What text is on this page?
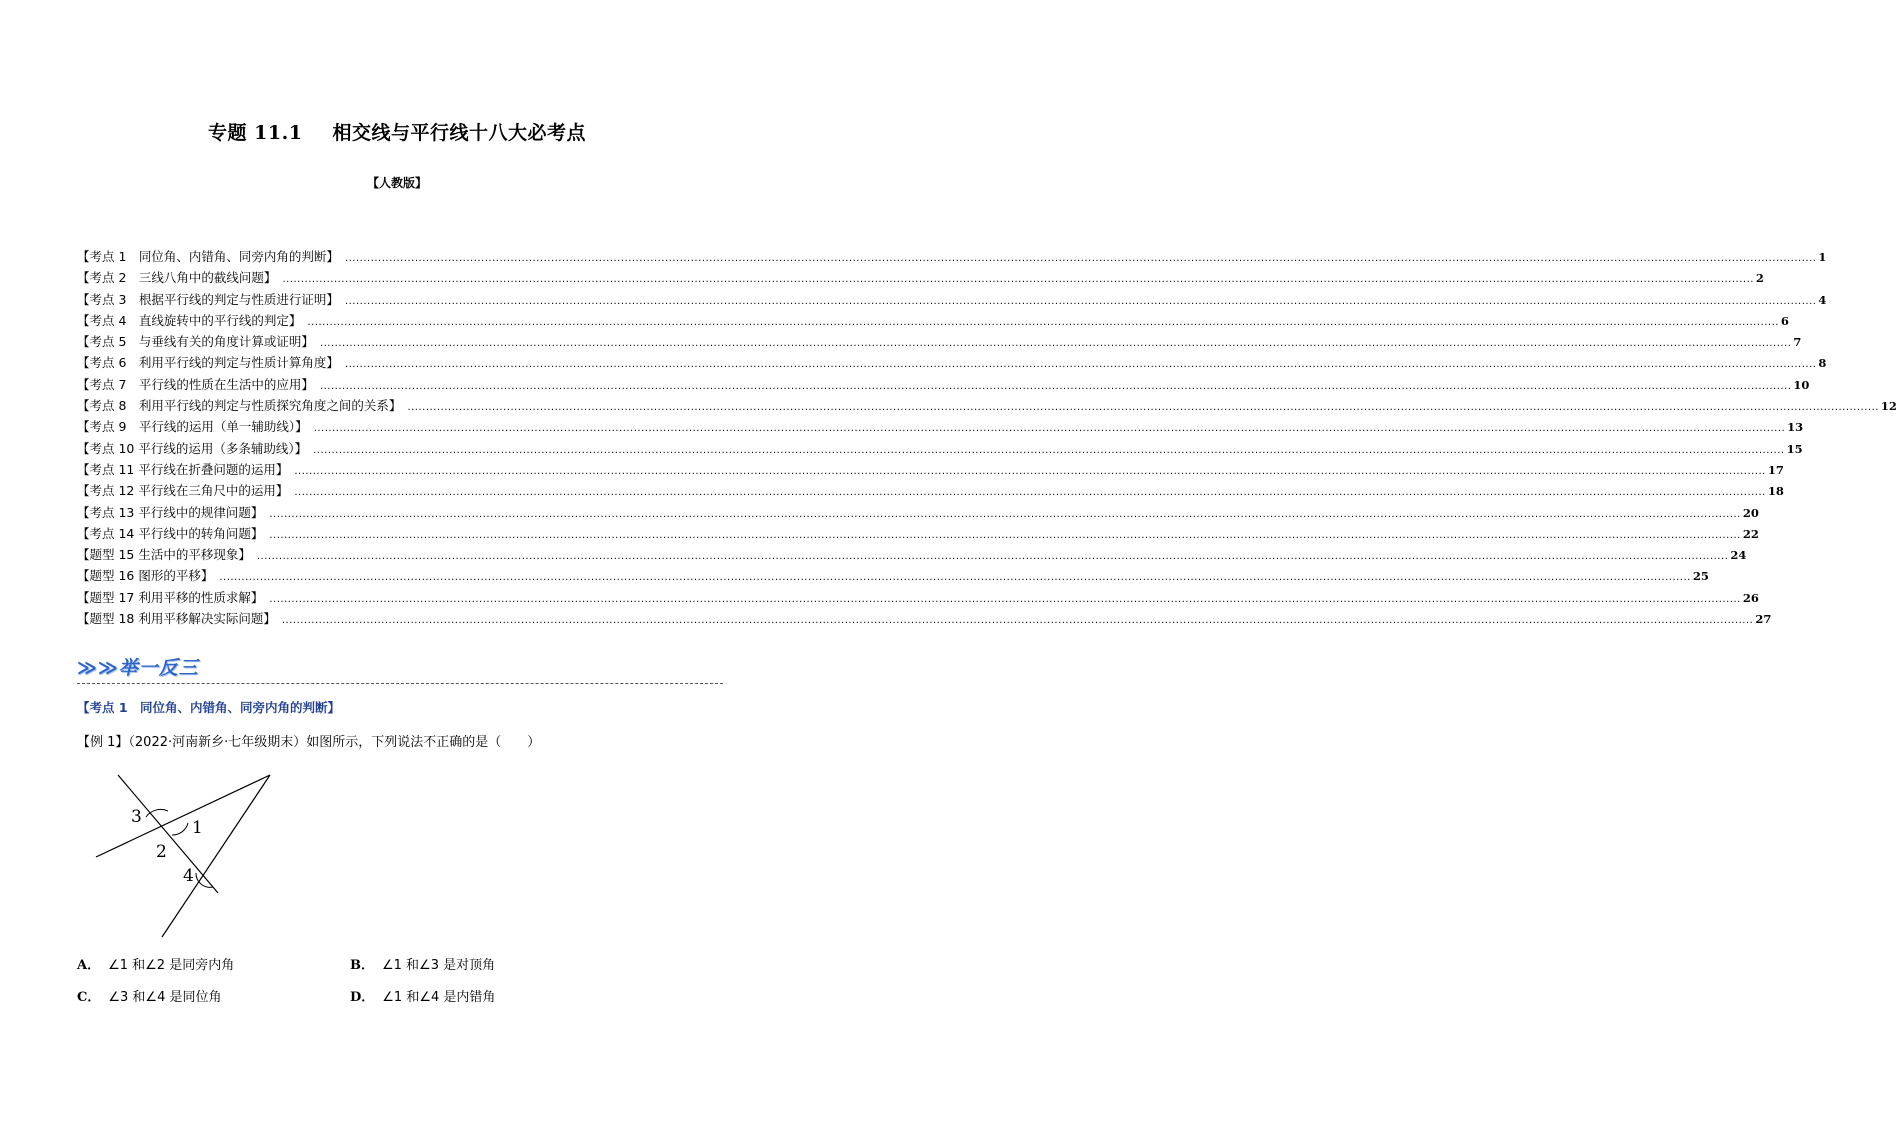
专题 11.1 相交线与平行线十八大必考点
【人教版】
【考点 1　同位角、内错角、同旁内角的判断】 ................................................................................................................................................................................................................................................................................................................................................................................................................ 1
【考点 2　三线八角中的截线问题】 ................................................................................................................................................................................................................................................................................................................................................................................................................ 2
【考点 3　根据平行线的判定与性质进行证明】 ................................................................................................................................................................................................................................................................................................................................................................................................................ 4
【考点 4　直线旋转中的平行线的判定】 ................................................................................................................................................................................................................................................................................................................................................................................................................ 6
【考点 5　与垂线有关的角度计算或证明】 ................................................................................................................................................................................................................................................................................................................................................................................................................ 7
【考点 6　利用平行线的判定与性质计算角度】 ................................................................................................................................................................................................................................................................................................................................................................................................................ 8
【考点 7　平行线的性质在生活中的应用】 ................................................................................................................................................................................................................................................................................................................................................................................................................ 10
【考点 8　利用平行线的判定与性质探究角度之间的关系】 ................................................................................................................................................................................................................................................................................................................................................................................................................ 12
【考点 9　平行线的运用（单一辅助线）】 ................................................................................................................................................................................................................................................................................................................................................................................................................ 13
【考点 10 平行线的运用（多条辅助线）】 ................................................................................................................................................................................................................................................................................................................................................................................................................ 15
【考点 11 平行线在折叠问题的运用】 ................................................................................................................................................................................................................................................................................................................................................................................................................ 17
【考点 12 平行线在三角尺中的运用】 ................................................................................................................................................................................................................................................................................................................................................................................................................ 18
【考点 13 平行线中的规律问题】 ................................................................................................................................................................................................................................................................................................................................................................................................................ 20
【考点 14 平行线中的转角问题】 ................................................................................................................................................................................................................................................................................................................................................................................................................ 22
【题型 15 生活中的平移现象】 ................................................................................................................................................................................................................................................................................................................................................................................................................ 24
【题型 16 图形的平移】 ................................................................................................................................................................................................................................................................................................................................................................................................................ 25
【题型 17 利用平移的性质求解】 ................................................................................................................................................................................................................................................................................................................................................................................................................ 26
【题型 18 利用平移解决实际问题】 ................................................................................................................................................................................................................................................................................................................................................................................................................ 27
≫≫举一反三
【考点 1　同位角、内错角、同旁内角的判断】
【例 1】（2022·河南新乡·七年级期末）如图所示，下列说法不正确的是（　　）
3
1
2
4
A． ∠1 和∠2 是同旁内角	B． ∠1 和∠3 是对顶角
C． ∠3 和∠4 是同位角	D． ∠1 和∠4 是内错角
